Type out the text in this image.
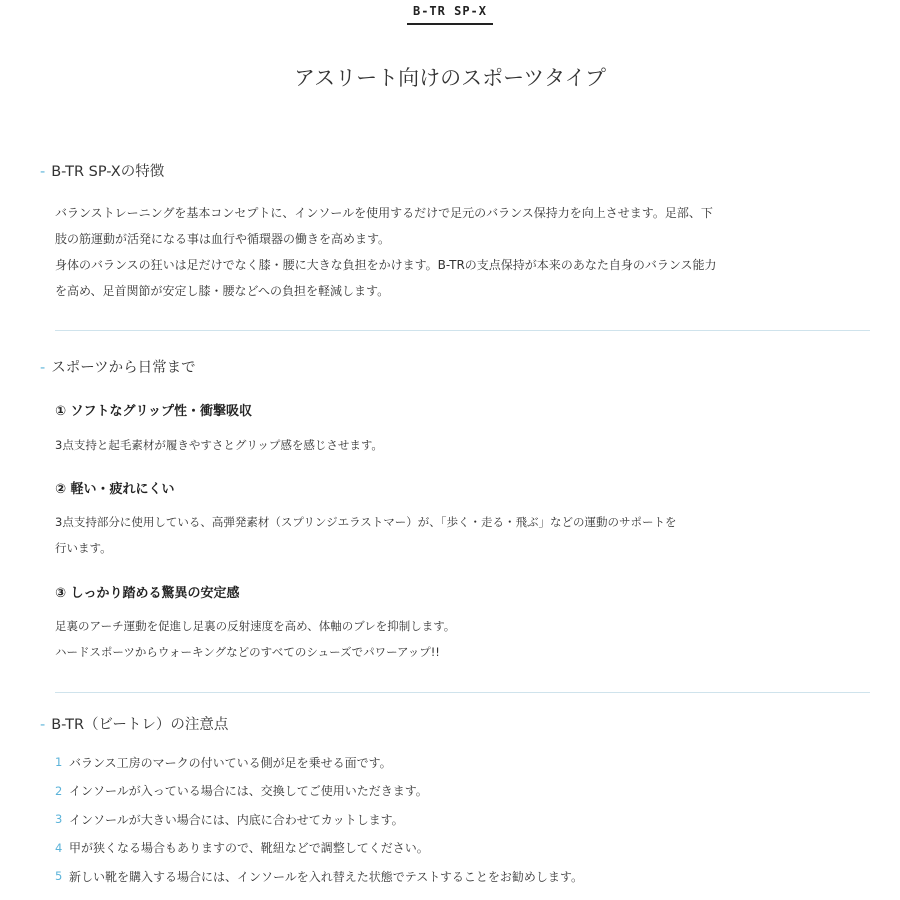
B-TR SP-X
アスリート向けのスポーツタイプ
- B-TR SP-Xの特徴

バランストレーニングを基本コンセプトに、インソールを使用するだけで足元のバランス保持力を向上させます。足部、下
肢の筋運動が活発になる事は血行や循環器の働きを高めます。
身体のバランスの狂いは足だけでなく膝・腰に大きな負担をかけます。B-TRの支点保持が本来のあなた自身のバランス能力
を高め、足首関節が安定し膝・腰などへの負担を軽減します。

- スポーツから日常まで
① ソフトなグリップ性・衝撃吸収

3点支持と起毛素材が履きやすさとグリップ感を感じさせます。

② 軽い・疲れにくい

3点支持部分に使用している、高弾発素材（スプリンジエラストマー）が、「歩く・走る・飛ぶ」などの運動のサポートを
行います。

③ しっかり踏める驚異の安定感

足裏のアーチ運動を促進し足裏の反射速度を高め、体軸のブレを抑制します。
ハードスポーツからウォーキングなどのすべてのシューズでパワーアップ!!

- B-TR（ビートレ）の注意点
1 バランス工房のマークの付いている側が足を乗せる面です。
2 インソールが入っている場合には、交換してご使用いただきます。
3 インソールが大きい場合には、内底に合わせてカットします。
4 甲が狭くなる場合もありますので、靴紐などで調整してください。
5 新しい靴を購入する場合には、インソールを入れ替えた状態でテストすることをお勧めします。
